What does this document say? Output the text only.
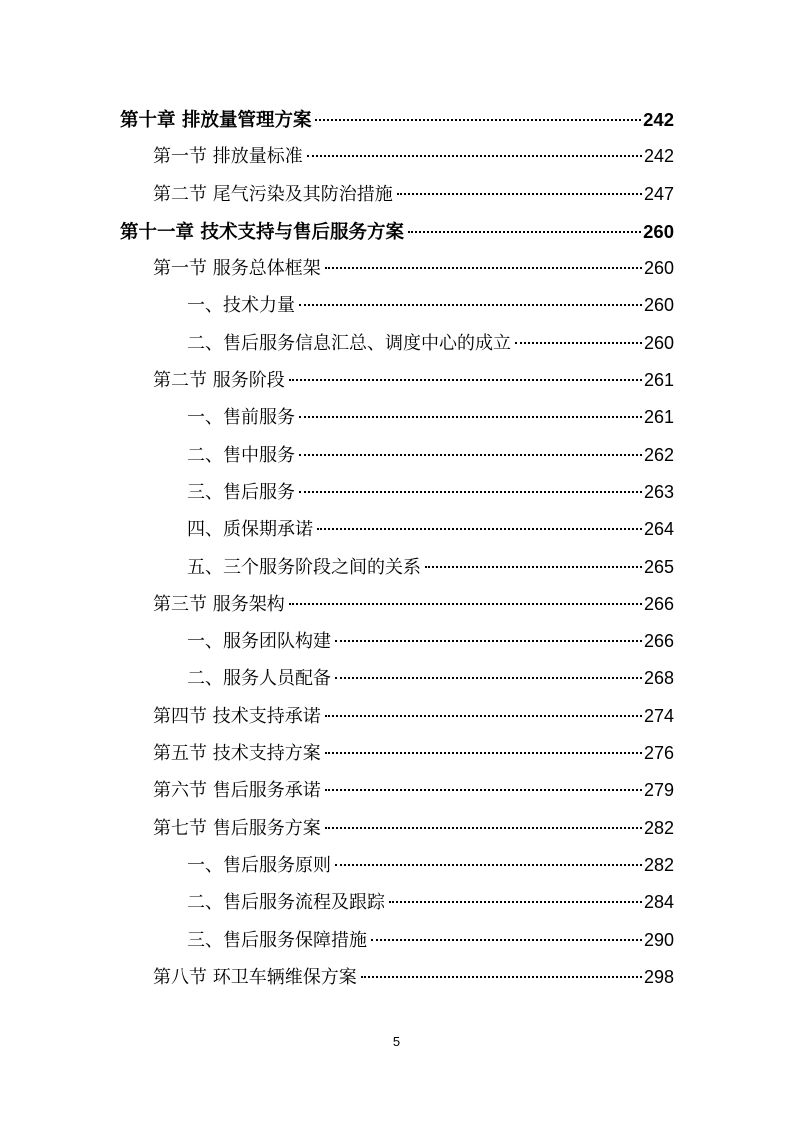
第十章 排放量管理方案	242
第一节 排放量标准	242
第二节 尾气污染及其防治措施	247
第十一章 技术支持与售后服务方案	260
第一节 服务总体框架	260
一、技术力量	260
二、售后服务信息汇总、调度中心的成立	260
第二节 服务阶段	261
一、售前服务	261
二、售中服务	262
三、售后服务	263
四、质保期承诺	264
五、三个服务阶段之间的关系	265
第三节 服务架构	266
一、服务团队构建	266
二、服务人员配备	268
第四节 技术支持承诺	274
第五节 技术支持方案	276
第六节 售后服务承诺	279
第七节 售后服务方案	282
一、售后服务原则	282
二、售后服务流程及跟踪	284
三、售后服务保障措施	290
第八节 环卫车辆维保方案	298
5
